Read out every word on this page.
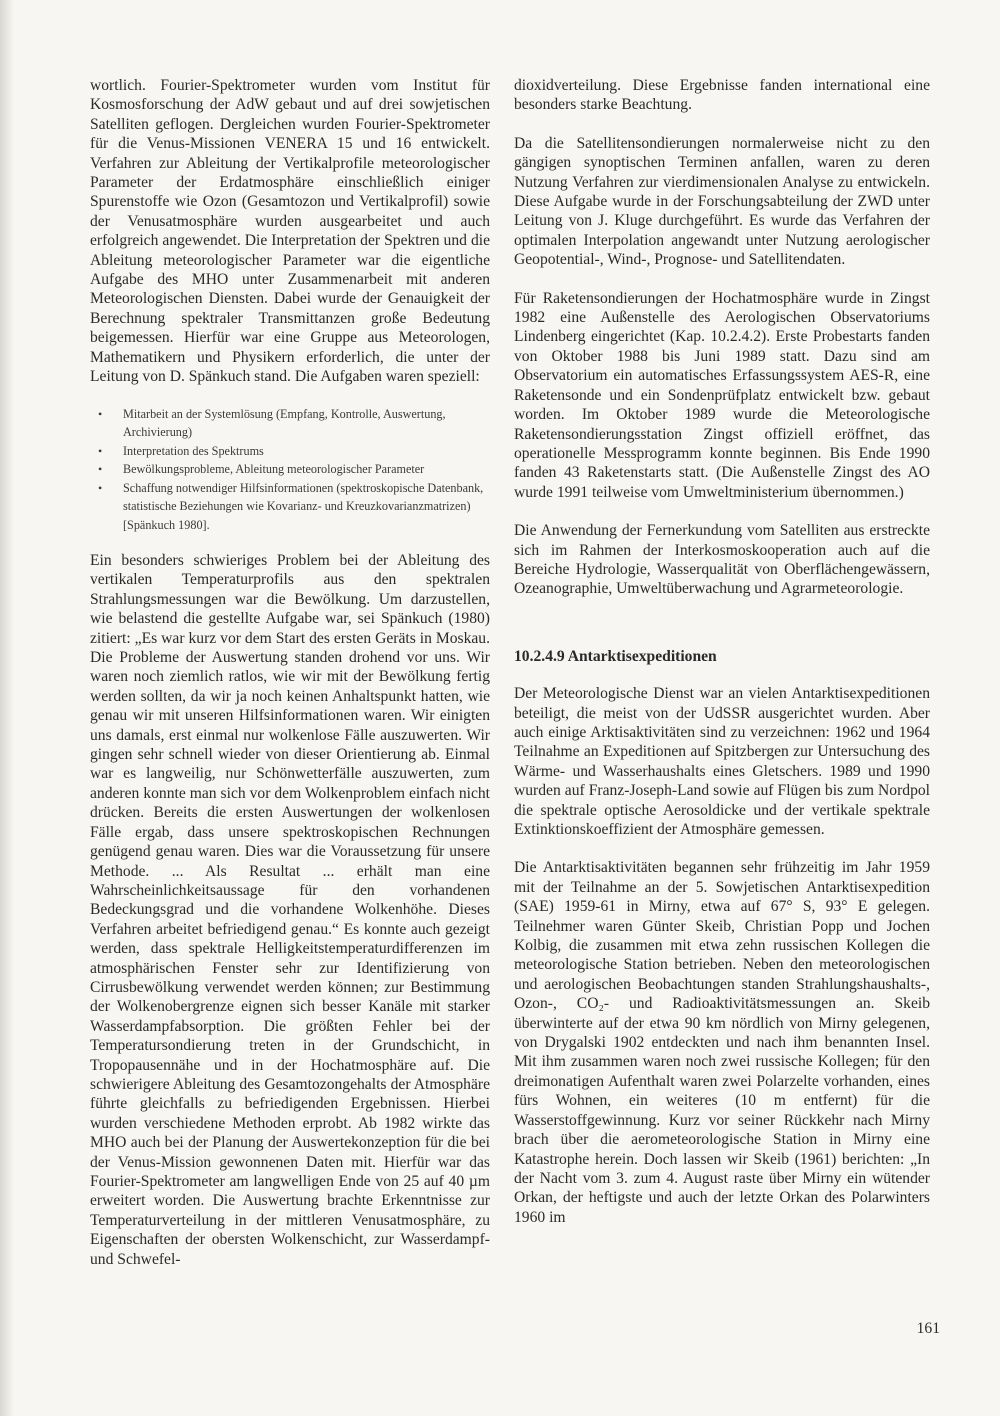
wortlich. Fourier-Spektrometer wurden vom Institut für Kosmosforschung der AdW gebaut und auf drei sowjetischen Satelliten geflogen. Dergleichen wurden Fourier-Spektrometer für die Venus-Missionen VENERA 15 und 16 entwickelt. Verfahren zur Ableitung der Vertikalprofile meteorologischer Parameter der Erdatmosphäre einschließlich einiger Spurenstoffe wie Ozon (Gesamtozon und Vertikalprofil) sowie der Venusatmosphäre wurden ausgearbeitet und auch erfolgreich angewendet. Die Interpretation der Spektren und die Ableitung meteorologischer Parameter war die eigentliche Aufgabe des MHO unter Zusammenarbeit mit anderen Meteorologischen Diensten. Dabei wurde der Genauigkeit der Berechnung spektraler Transmittanzen große Bedeutung beigemessen. Hierfür war eine Gruppe aus Meteorologen, Mathematikern und Physikern erforderlich, die unter der Leitung von D. Spänkuch stand. Die Aufgaben waren speziell:

• Mitarbeit an der Systemlösung (Empfang, Kontrolle, Auswertung, Archivierung)
• Interpretation des Spektrums
• Bewölkungsprobleme, Ableitung meteorologischer Parameter
• Schaffung notwendiger Hilfsinformationen (spektroskopische Datenbank, statistische Beziehungen wie Kovarianz- und Kreuzkovarianzmatrizen) [Spänkuch 1980].

Ein besonders schwieriges Problem bei der Ableitung des vertikalen Temperaturprofils aus den spektralen Strahlungsmessungen war die Bewölkung. Um darzustellen, wie belastend die gestellte Aufgabe war, sei Spänkuch (1980) zitiert: „Es war kurz vor dem Start des ersten Geräts in Moskau. Die Probleme der Auswertung standen drohend vor uns. Wir waren noch ziemlich ratlos, wie wir mit der Bewölkung fertig werden sollten, da wir ja noch keinen Anhaltspunkt hatten, wie genau wir mit unseren Hilfsinformationen waren. Wir einigten uns damals, erst einmal nur wolkenlose Fälle auszuwerten. Wir gingen sehr schnell wieder von dieser Orientierung ab. Einmal war es langweilig, nur Schönwetterfälle auszuwerten, zum anderen konnte man sich vor dem Wolkenproblem einfach nicht drücken. Bereits die ersten Auswertungen der wolkenlosen Fälle ergab, dass unsere spektroskopischen Rechnungen genügend genau waren. Dies war die Voraussetzung für unsere Methode. ... Als Resultat ... erhält man eine Wahrscheinlichkeitsaussage für den vorhandenen Bedeckungsgrad und die vorhandene Wolkenhöhe. Dieses Verfahren arbeitet befriedigend genau.“ Es konnte auch gezeigt werden, dass spektrale Helligkeitstemperaturdifferenzen im atmosphärischen Fenster sehr zur Identifizierung von Cirrusbewölkung verwendet werden können; zur Bestimmung der Wolkenobergrenze eignen sich besser Kanäle mit starker Wasserdampfabsorption. Die größten Fehler bei der Temperatursondierung treten in der Grundschicht, in Tropopausennähe und in der Hochatmosphäre auf. Die schwierigere Ableitung des Gesamtozongehalts der Atmosphäre führte gleichfalls zu befriedigenden Ergebnissen. Hierbei wurden verschiedene Methoden erprobt. Ab 1982 wirkte das MHO auch bei der Planung der Auswertekonzeption für die bei der Venus-Mission gewonnenen Daten mit. Hierfür war das Fourier-Spektrometer am langwelligen Ende von 25 auf 40 µm erweitert worden. Die Auswertung brachte Erkenntnisse zur Temperaturverteilung in der mittleren Venusatmosphäre, zu Eigenschaften der obersten Wolkenschicht, zur Wasserdampf- und Schwefel-

dioxidverteilung. Diese Ergebnisse fanden international eine besonders starke Beachtung.

Da die Satellitensondierungen normalerweise nicht zu den gängigen synoptischen Terminen anfallen, waren zu deren Nutzung Verfahren zur vierdimensionalen Analyse zu entwickeln. Diese Aufgabe wurde in der Forschungsabteilung der ZWD unter Leitung von J. Kluge durchgeführt. Es wurde das Verfahren der optimalen Interpolation angewandt unter Nutzung aerologischer Geopotential-, Wind-, Prognose- und Satellitendaten.

Für Raketensondierungen der Hochatmosphäre wurde in Zingst 1982 eine Außenstelle des Aerologischen Observatoriums Lindenberg eingerichtet (Kap. 10.2.4.2). Erste Probestarts fanden von Oktober 1988 bis Juni 1989 statt. Dazu sind am Observatorium ein automatisches Erfassungssystem AES-R, eine Raketensonde und ein Sondenprüfplatz entwickelt bzw. gebaut worden. Im Oktober 1989 wurde die Meteorologische Raketensondierungsstation Zingst offiziell eröffnet, das operationelle Messprogramm konnte beginnen. Bis Ende 1990 fanden 43 Raketenstarts statt. (Die Außenstelle Zingst des AO wurde 1991 teilweise vom Umweltministerium übernommen.)

Die Anwendung der Fernerkundung vom Satelliten aus erstreckte sich im Rahmen der Interkosmoskooperation auch auf die Bereiche Hydrologie, Wasserqualität von Oberflächengewässern, Ozeanographie, Umweltüberwachung und Agrarmeteorologie.

10.2.4.9 Antarktisexpeditionen

Der Meteorologische Dienst war an vielen Antarktisexpeditionen beteiligt, die meist von der UdSSR ausgerichtet wurden. Aber auch einige Arktisaktivitäten sind zu verzeichnen: 1962 und 1964 Teilnahme an Expeditionen auf Spitzbergen zur Untersuchung des Wärme- und Wasserhaushalts eines Gletschers. 1989 und 1990 wurden auf Franz-Joseph-Land sowie auf Flügen bis zum Nordpol die spektrale optische Aerosoldicke und der vertikale spektrale Extinktionskoeffizient der Atmosphäre gemessen.

Die Antarktisaktivitäten begannen sehr frühzeitig im Jahr 1959 mit der Teilnahme an der 5. Sowjetischen Antarktisexpedition (SAE) 1959-61 in Mirny, etwa auf 67° S, 93° E gelegen. Teilnehmer waren Günter Skeib, Christian Popp und Jochen Kolbig, die zusammen mit etwa zehn russischen Kollegen die meteorologische Station betrieben. Neben den meteorologischen und aerologischen Beobachtungen standen Strahlungshaushalts-, Ozon-, CO₂- und Radioaktivitätsmessungen an. Skeib überwinterte auf der etwa 90 km nördlich von Mirny gelegenen, von Drygalski 1902 entdeckten und nach ihm benannten Insel. Mit ihm zusammen waren noch zwei russische Kollegen; für den dreimonatigen Aufenthalt waren zwei Polarzelte vorhanden, eines fürs Wohnen, ein weiteres (10 m entfernt) für die Wasserstoffgewinnung. Kurz vor seiner Rückkehr nach Mirny brach über die aerometeorologische Station in Mirny eine Katastrophe herein. Doch lassen wir Skeib (1961) berichten: „In der Nacht vom 3. zum 4. August raste über Mirny ein wütender Orkan, der heftigste und auch der letzte Orkan des Polarwinters 1960 im

161
